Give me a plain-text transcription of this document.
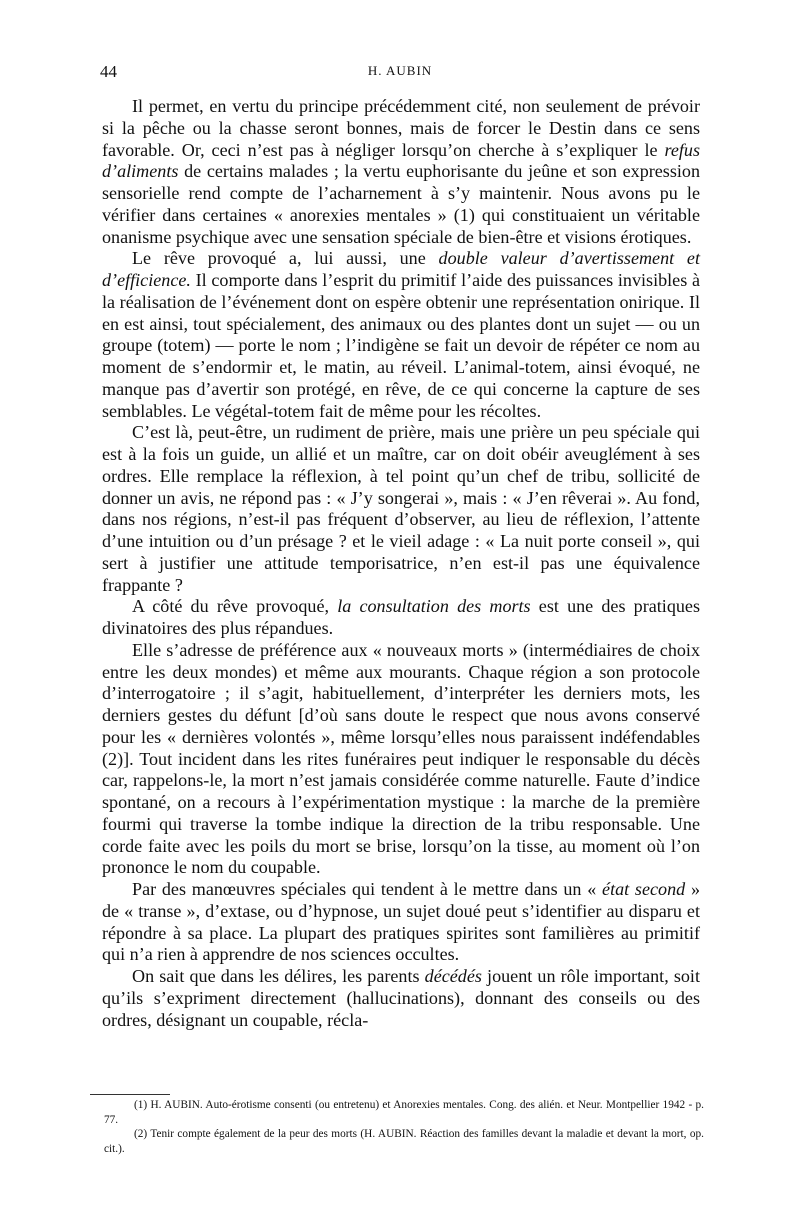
44	H. AUBIN

Il permet, en vertu du principe précédemment cité, non seulement de prévoir si la pêche ou la chasse seront bonnes, mais de forcer le Destin dans ce sens favorable. Or, ceci n’est pas à négliger lorsqu’on cherche à s’expliquer le refus d’aliments de certains malades ; la vertu euphorisante du jeûne et son expression sensorielle rend compte de l’acharnement à s’y maintenir. Nous avons pu le vérifier dans certaines « anorexies mentales » (1) qui constituaient un véritable onanisme psychique avec une sensation spéciale de bien-être et visions érotiques.

Le rêve provoqué a, lui aussi, une double valeur d’avertissement et d’efficience. Il comporte dans l’esprit du primitif l’aide des puissances invisibles à la réalisation de l’événement dont on espère obtenir une représentation onirique. Il en est ainsi, tout spécialement, des animaux ou des plantes dont un sujet — ou un groupe (totem) — porte le nom ; l’indigène se fait un devoir de répéter ce nom au moment de s’endormir et, le matin, au réveil. L’animal-totem, ainsi évoqué, ne manque pas d’avertir son protégé, en rêve, de ce qui concerne la capture de ses semblables. Le végétal-totem fait de même pour les récoltes.

C’est là, peut-être, un rudiment de prière, mais une prière un peu spéciale qui est à la fois un guide, un allié et un maître, car on doit obéir aveuglément à ses ordres. Elle remplace la réflexion, à tel point qu’un chef de tribu, sollicité de donner un avis, ne répond pas : « J’y songerai », mais : « J’en rêverai ». Au fond, dans nos régions, n’est-il pas fréquent d’observer, au lieu de réflexion, l’attente d’une intuition ou d’un présage ? et le vieil adage : « La nuit porte conseil », qui sert à justifier une attitude temporisatrice, n’en est-il pas une équivalence frappante ?

A côté du rêve provoqué, la consultation des morts est une des pratiques divinatoires des plus répandues.

Elle s’adresse de préférence aux « nouveaux morts » (intermédiaires de choix entre les deux mondes) et même aux mourants. Chaque région a son protocole d’interrogatoire ; il s’agit, habituellement, d’interpréter les derniers mots, les derniers gestes du défunt [d’où sans doute le respect que nous avons conservé pour les « dernières volontés », même lorsqu’elles nous paraissent indéfendables (2)]. Tout incident dans les rites funéraires peut indiquer le responsable du décès car, rappelons-le, la mort n’est jamais considérée comme naturelle. Faute d’indice spontané, on a recours à l’expérimentation mystique : la marche de la première fourmi qui traverse la tombe indique la direction de la tribu responsable. Une corde faite avec les poils du mort se brise, lorsqu’on la tisse, au moment où l’on prononce le nom du coupable.

Par des manœuvres spéciales qui tendent à le mettre dans un « état second » de « transe », d’extase, ou d’hypnose, un sujet doué peut s’identifier au disparu et répondre à sa place. La plupart des pratiques spirites sont familières au primitif qui n’a rien à apprendre de nos sciences occultes.

On sait que dans les délires, les parents décédés jouent un rôle important, soit qu’ils s’expriment directement (hallucinations), donnant des conseils ou des ordres, désignant un coupable, récla-

(1) H. AUBIN. Auto-érotisme consenti (ou entretenu) et Anorexies mentales. Cong. des alién. et Neur. Montpellier 1942 - p. 77.

(2) Tenir compte également de la peur des morts (H. AUBIN. Réaction des familles devant la maladie et devant la mort, op. cit.).
